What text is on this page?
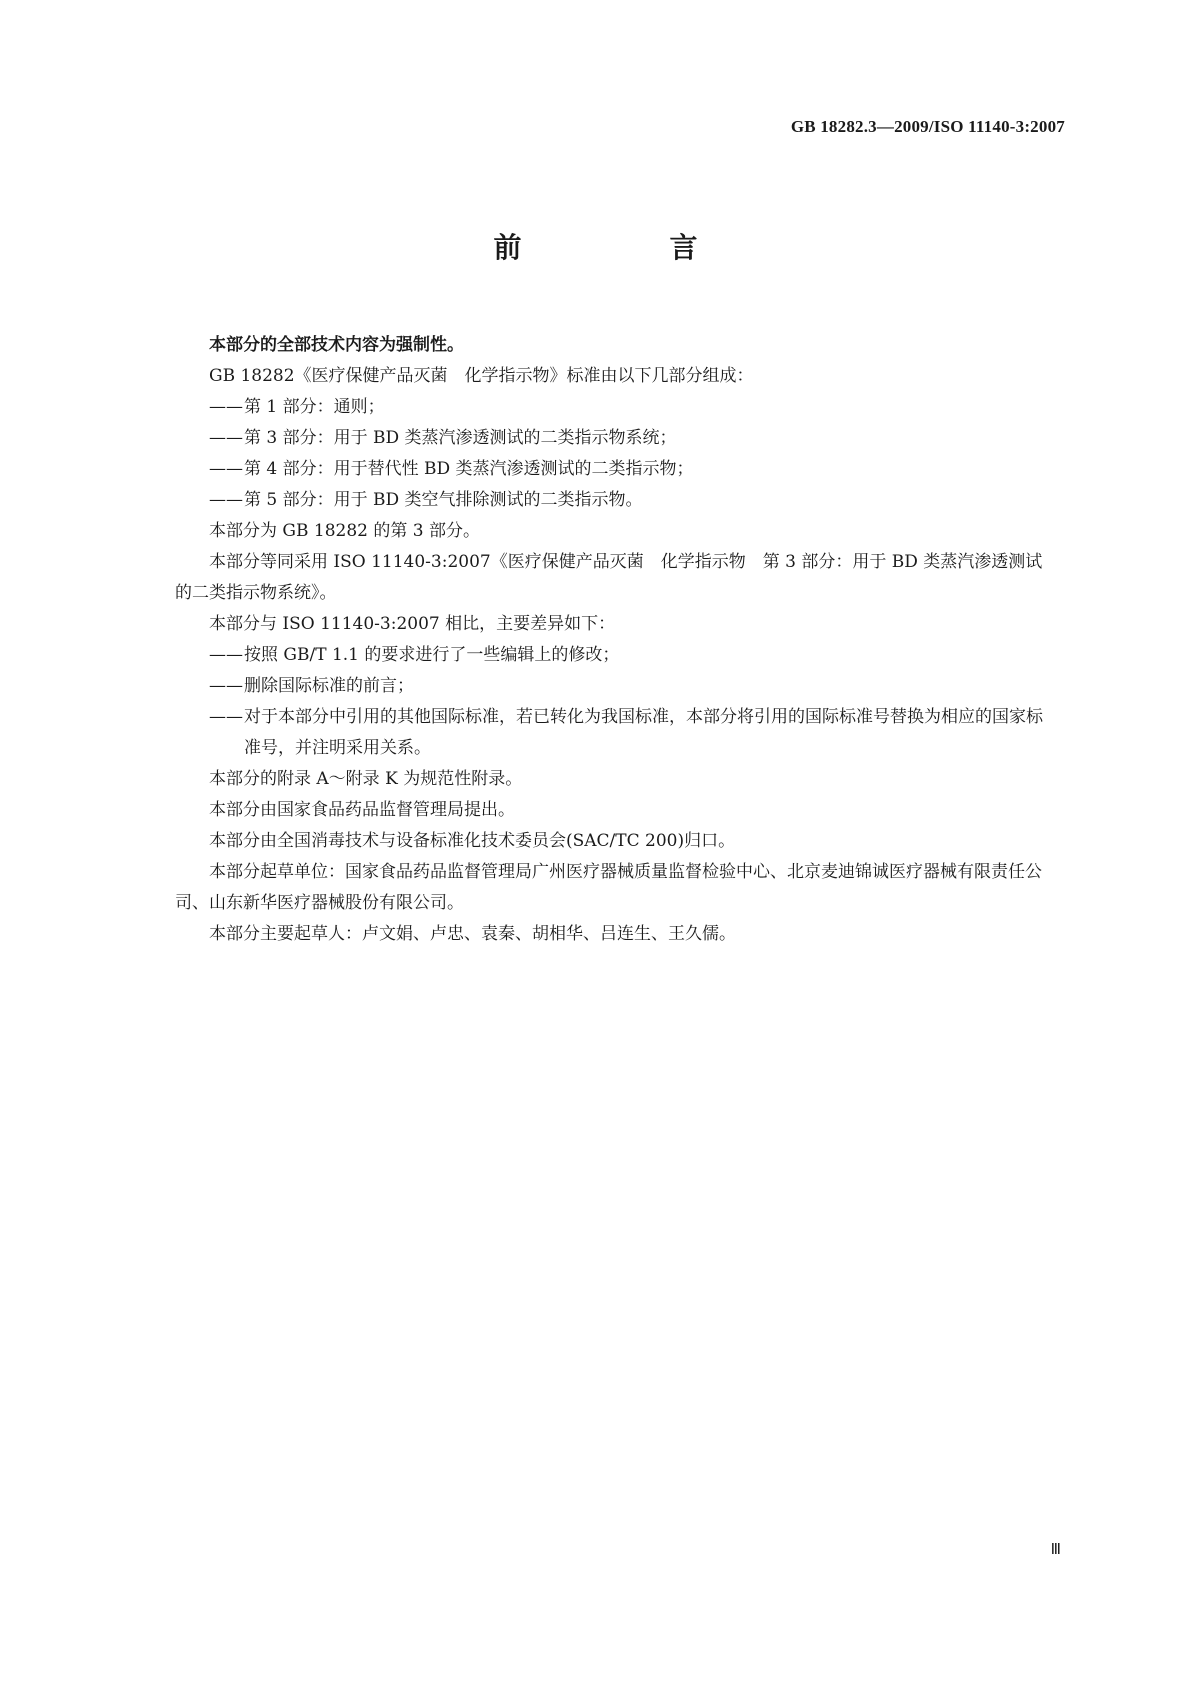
GB 18282.3—2009/ISO 11140-3:2007
前　言

本部分的全部技术内容为强制性。

GB 18282《医疗保健产品灭菌　化学指示物》标准由以下几部分组成：

——第 1 部分：通则；

——第 3 部分：用于 BD 类蒸汽渗透测试的二类指示物系统；

——第 4 部分：用于替代性 BD 类蒸汽渗透测试的二类指示物；

——第 5 部分：用于 BD 类空气排除测试的二类指示物。

本部分为 GB 18282 的第 3 部分。

本部分等同采用 ISO 11140-3:2007《医疗保健产品灭菌　化学指示物　第 3 部分：用于 BD 类蒸汽渗透测试的二类指示物系统》。

本部分与 ISO 11140-3:2007 相比，主要差异如下：

——按照 GB/T 1.1 的要求进行了一些编辑上的修改；

——删除国际标准的前言；

——对于本部分中引用的其他国际标准，若已转化为我国标准，本部分将引用的国际标准号替换为相应的国家标准号，并注明采用关系。

本部分的附录 A～附录 K 为规范性附录。

本部分由国家食品药品监督管理局提出。

本部分由全国消毒技术与设备标准化技术委员会(SAC/TC 200)归口。

本部分起草单位：国家食品药品监督管理局广州医疗器械质量监督检验中心、北京麦迪锦诚医疗器械有限责任公司、山东新华医疗器械股份有限公司。

本部分主要起草人：卢文娟、卢忠、袁秦、胡相华、吕连生、王久儒。

Ⅲ
